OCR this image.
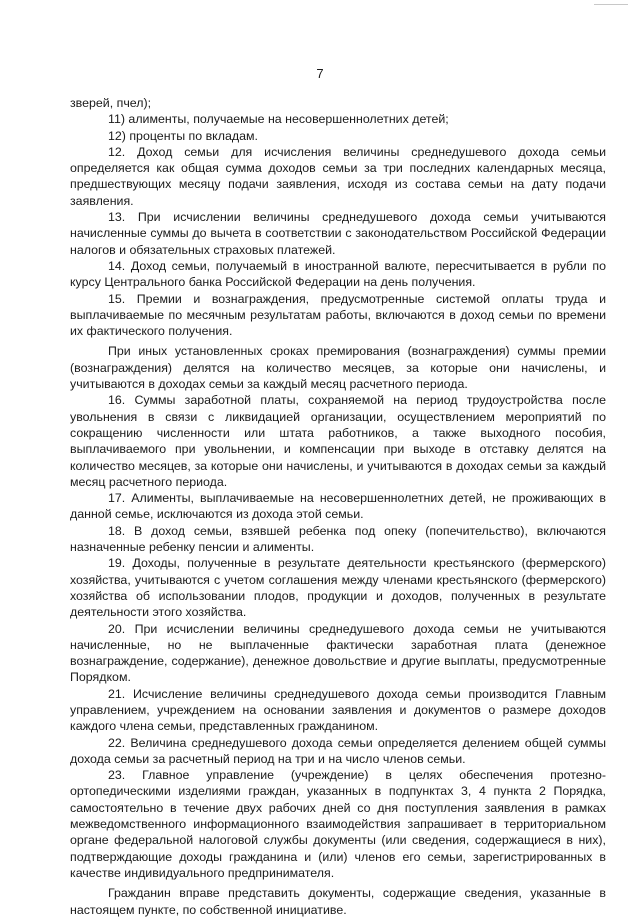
7

зверей, пчел);

11) алименты, получаемые на несовершеннолетних детей;

12) проценты по вкладам.

12. Доход семьи для исчисления величины среднедушевого дохода семьи определяется как общая сумма доходов семьи за три последних календарных месяца, предшествующих месяцу подачи заявления, исходя из состава семьи на дату подачи заявления.

13. При исчислении величины среднедушевого дохода семьи учитываются начисленные суммы до вычета в соответствии с законодательством Российской Федерации налогов и обязательных страховых платежей.

14. Доход семьи, получаемый в иностранной валюте, пересчитывается в рубли по курсу Центрального банка Российской Федерации на день получения.

15. Премии и вознаграждения, предусмотренные системой оплаты труда и выплачиваемые по месячным результатам работы, включаются в доход семьи по времени их фактического получения.

При иных установленных сроках премирования (вознаграждения) суммы премии (вознаграждения) делятся на количество месяцев, за которые они начислены, и учитываются в доходах семьи за каждый месяц расчетного периода.

16. Суммы заработной платы, сохраняемой на период трудоустройства после увольнения в связи с ликвидацией организации, осуществлением мероприятий по сокращению численности или штата работников, а также выходного пособия, выплачиваемого при увольнении, и компенсации при выходе в отставку делятся на количество месяцев, за которые они начислены, и учитываются в доходах семьи за каждый месяц расчетного периода.

17. Алименты, выплачиваемые на несовершеннолетних детей, не проживающих в данной семье, исключаются из дохода этой семьи.

18. В доход семьи, взявшей ребенка под опеку (попечительство), включаются назначенные ребенку пенсии и алименты.

19. Доходы, полученные в результате деятельности крестьянского (фермерского) хозяйства, учитываются с учетом соглашения между членами крестьянского (фермерского) хозяйства об использовании плодов, продукции и доходов, полученных в результате деятельности этого хозяйства.

20. При исчислении величины среднедушевого дохода семьи не учитываются начисленные, но не выплаченные фактически заработная плата (денежное вознаграждение, содержание), денежное довольствие и другие выплаты, предусмотренные Порядком.

21. Исчисление величины среднедушевого дохода семьи производится Главным управлением, учреждением на основании заявления и документов о размере доходов каждого члена семьи, представленных гражданином.

22. Величина среднедушевого дохода семьи определяется делением общей суммы дохода семьи за расчетный период на три и на число членов семьи.

23. Главное управление (учреждение) в целях обеспечения протезно-ортопедическими изделиями граждан, указанных в подпунктах 3, 4 пункта 2 Порядка, самостоятельно в течение двух рабочих дней со дня поступления заявления в рамках межведомственного информационного взаимодействия запрашивает в территориальном органе федеральной налоговой службы документы (или сведения, содержащиеся в них), подтверждающие доходы гражданина и (или) членов его семьи, зарегистрированных в качестве индивидуального предпринимателя.

Гражданин вправе представить документы, содержащие сведения, указанные в настоящем пункте, по собственной инициативе.
